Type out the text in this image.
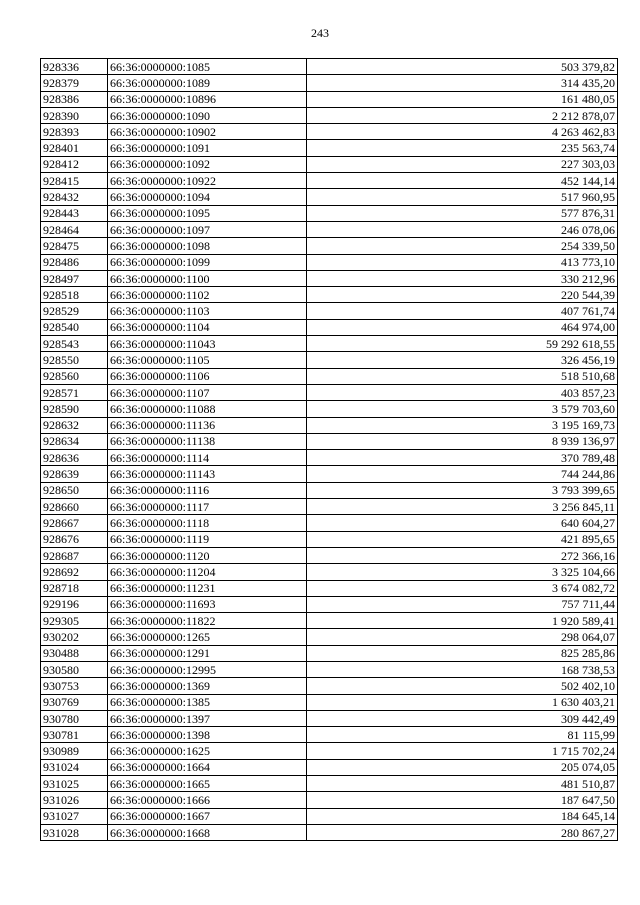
243
928336	66:36:0000000:1085	503 379,82
928379	66:36:0000000:1089	314 435,20
928386	66:36:0000000:10896	161 480,05
928390	66:36:0000000:1090	2 212 878,07
928393	66:36:0000000:10902	4 263 462,83
928401	66:36:0000000:1091	235 563,74
928412	66:36:0000000:1092	227 303,03
928415	66:36:0000000:10922	452 144,14
928432	66:36:0000000:1094	517 960,95
928443	66:36:0000000:1095	577 876,31
928464	66:36:0000000:1097	246 078,06
928475	66:36:0000000:1098	254 339,50
928486	66:36:0000000:1099	413 773,10
928497	66:36:0000000:1100	330 212,96
928518	66:36:0000000:1102	220 544,39
928529	66:36:0000000:1103	407 761,74
928540	66:36:0000000:1104	464 974,00
928543	66:36:0000000:11043	59 292 618,55
928550	66:36:0000000:1105	326 456,19
928560	66:36:0000000:1106	518 510,68
928571	66:36:0000000:1107	403 857,23
928590	66:36:0000000:11088	3 579 703,60
928632	66:36:0000000:11136	3 195 169,73
928634	66:36:0000000:11138	8 939 136,97
928636	66:36:0000000:1114	370 789,48
928639	66:36:0000000:11143	744 244,86
928650	66:36:0000000:1116	3 793 399,65
928660	66:36:0000000:1117	3 256 845,11
928667	66:36:0000000:1118	640 604,27
928676	66:36:0000000:1119	421 895,65
928687	66:36:0000000:1120	272 366,16
928692	66:36:0000000:11204	3 325 104,66
928718	66:36:0000000:11231	3 674 082,72
929196	66:36:0000000:11693	757 711,44
929305	66:36:0000000:11822	1 920 589,41
930202	66:36:0000000:1265	298 064,07
930488	66:36:0000000:1291	825 285,86
930580	66:36:0000000:12995	168 738,53
930753	66:36:0000000:1369	502 402,10
930769	66:36:0000000:1385	1 630 403,21
930780	66:36:0000000:1397	309 442,49
930781	66:36:0000000:1398	81 115,99
930989	66:36:0000000:1625	1 715 702,24
931024	66:36:0000000:1664	205 074,05
931025	66:36:0000000:1665	481 510,87
931026	66:36:0000000:1666	187 647,50
931027	66:36:0000000:1667	184 645,14
931028	66:36:0000000:1668	280 867,27
